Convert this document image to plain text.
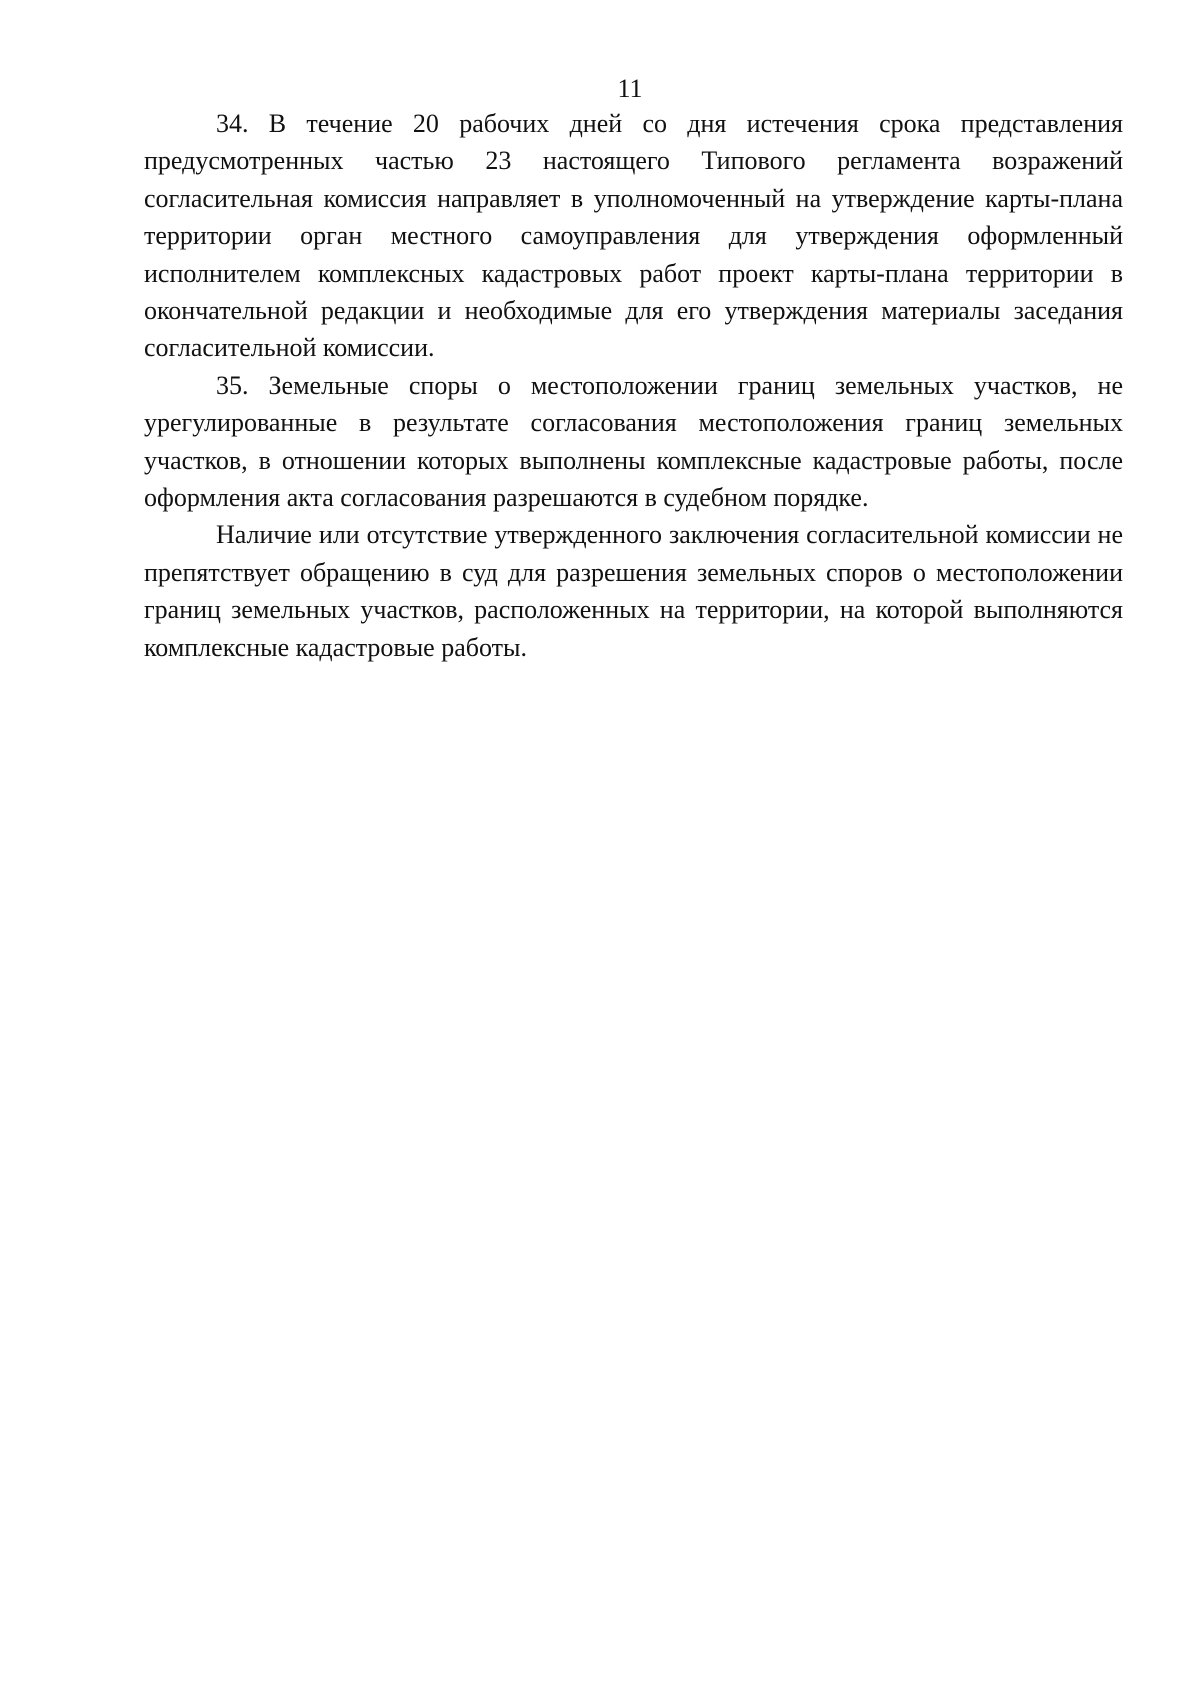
11

34. В течение 20 рабочих дней со дня истечения срока представления предусмотренных частью 23 настоящего Типового регламента возражений согласительная комиссия направляет в уполномоченный на утверждение карты-плана территории орган местного самоуправления для утверждения оформленный исполнителем комплексных кадастровых работ проект карты-плана территории в окончательной редакции и необходимые для его утверждения материалы заседания согласительной комиссии.

35. Земельные споры о местоположении границ земельных участков, не урегулированные в результате согласования местоположения границ земельных участков, в отношении которых выполнены комплексные кадастровые работы, после оформления акта согласования разрешаются в судебном порядке.

Наличие или отсутствие утвержденного заключения согласительной комиссии не препятствует обращению в суд для разрешения земельных споров о местоположении границ земельных участков, расположенных на территории, на которой выполняются комплексные кадастровые работы.
